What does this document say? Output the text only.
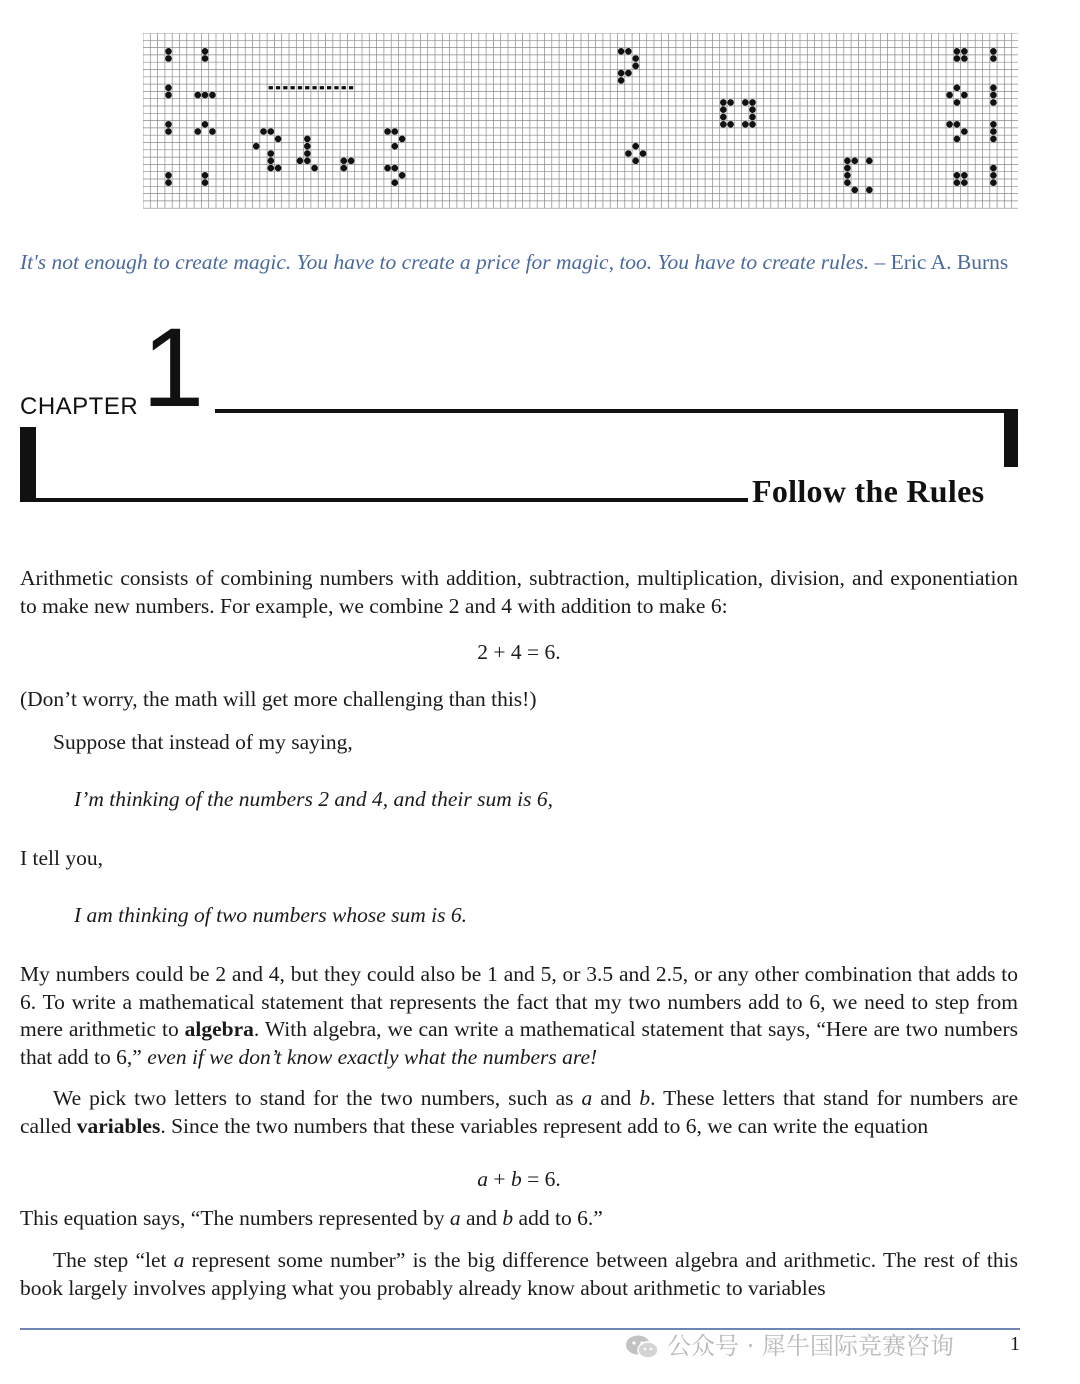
It's not enough to create magic. You have to create a price for magic, too. You have to create rules. – Eric A. Burns
CHAPTER 1
Follow the Rules
Arithmetic consists of combining numbers with addition, subtraction, multiplication, division, and exponentiation to make new numbers. For example, we combine 2 and 4 with addition to make 6:
2 + 4 = 6.
(Don’t worry, the math will get more challenging than this!)
Suppose that instead of my saying,
I’m thinking of the numbers 2 and 4, and their sum is 6,
I tell you,
I am thinking of two numbers whose sum is 6.
My numbers could be 2 and 4, but they could also be 1 and 5, or 3.5 and 2.5, or any other combination that adds to 6. To write a mathematical statement that represents the fact that my two numbers add to 6, we need to step from mere arithmetic to algebra. With algebra, we can write a mathematical statement that says, “Here are two numbers that add to 6,” even if we don’t know exactly what the numbers are!
We pick two letters to stand for the two numbers, such as a and b. These letters that stand for numbers are called variables. Since the two numbers that these variables represent add to 6, we can write the equation
a + b = 6.
This equation says, “The numbers represented by a and b add to 6.”
The step “let a represent some number” is the big difference between algebra and arithmetic. The rest of this book largely involves applying what you probably already know about arithmetic to variables
公众号 · 犀牛国际竞赛咨询	1
